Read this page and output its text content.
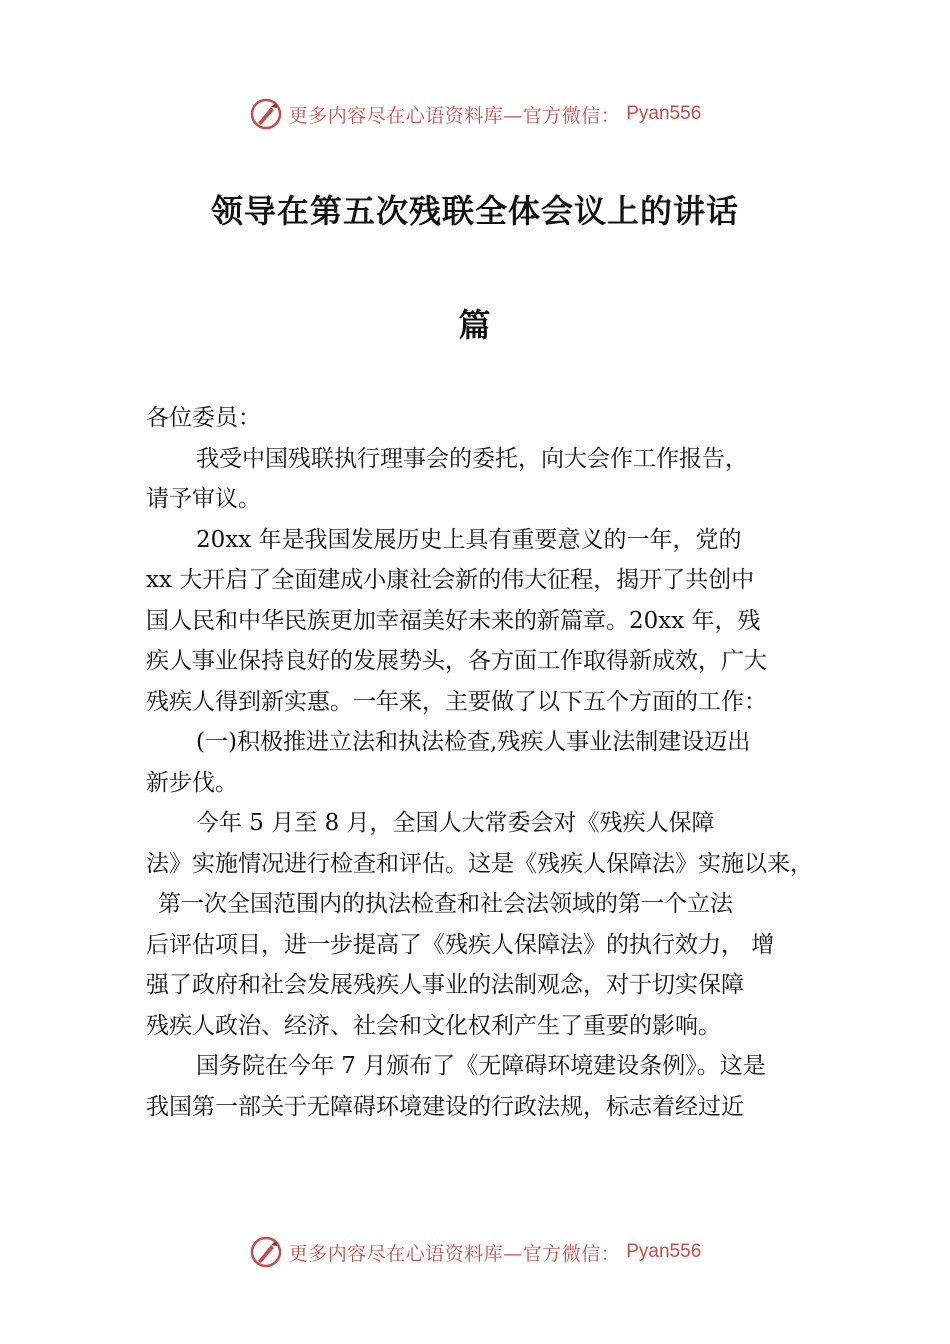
更多内容尽在心语资料库—官方微信： Pyan556
领导在第五次残联全体会议上的讲话
篇
各位委员：
我受中国残联执行理事会的委托，向大会作工作报告，
请予审议。
20xx 年是我国发展历史上具有重要意义的一年，党的
xx 大开启了全面建成小康社会新的伟大征程，揭开了共创中
国人民和中华民族更加幸福美好未来的新篇章。20xx 年，残
疾人事业保持良好的发展势头，各方面工作取得新成效，广大
残疾人得到新实惠。一年来，主要做了以下五个方面的工作：
(一)积极推进立法和执法检查,残疾人事业法制建设迈出
新步伐。
今年 5 月至 8 月，全国人大常委会对《残疾人保障
法》实施情况进行检查和评估。这是《残疾人保障法》实施以来，
第一次全国范围内的执法检查和社会法领域的第一个立法
后评估项目，进一步提高了《残疾人保障法》的执行效力， 增
强了政府和社会发展残疾人事业的法制观念，对于切实保障
残疾人政治、经济、社会和文化权利产生了重要的影响。
国务院在今年 7 月颁布了《无障碍环境建设条例》。这是
我国第一部关于无障碍环境建设的行政法规，标志着经过近
更多内容尽在心语资料库—官方微信： Pyan556
